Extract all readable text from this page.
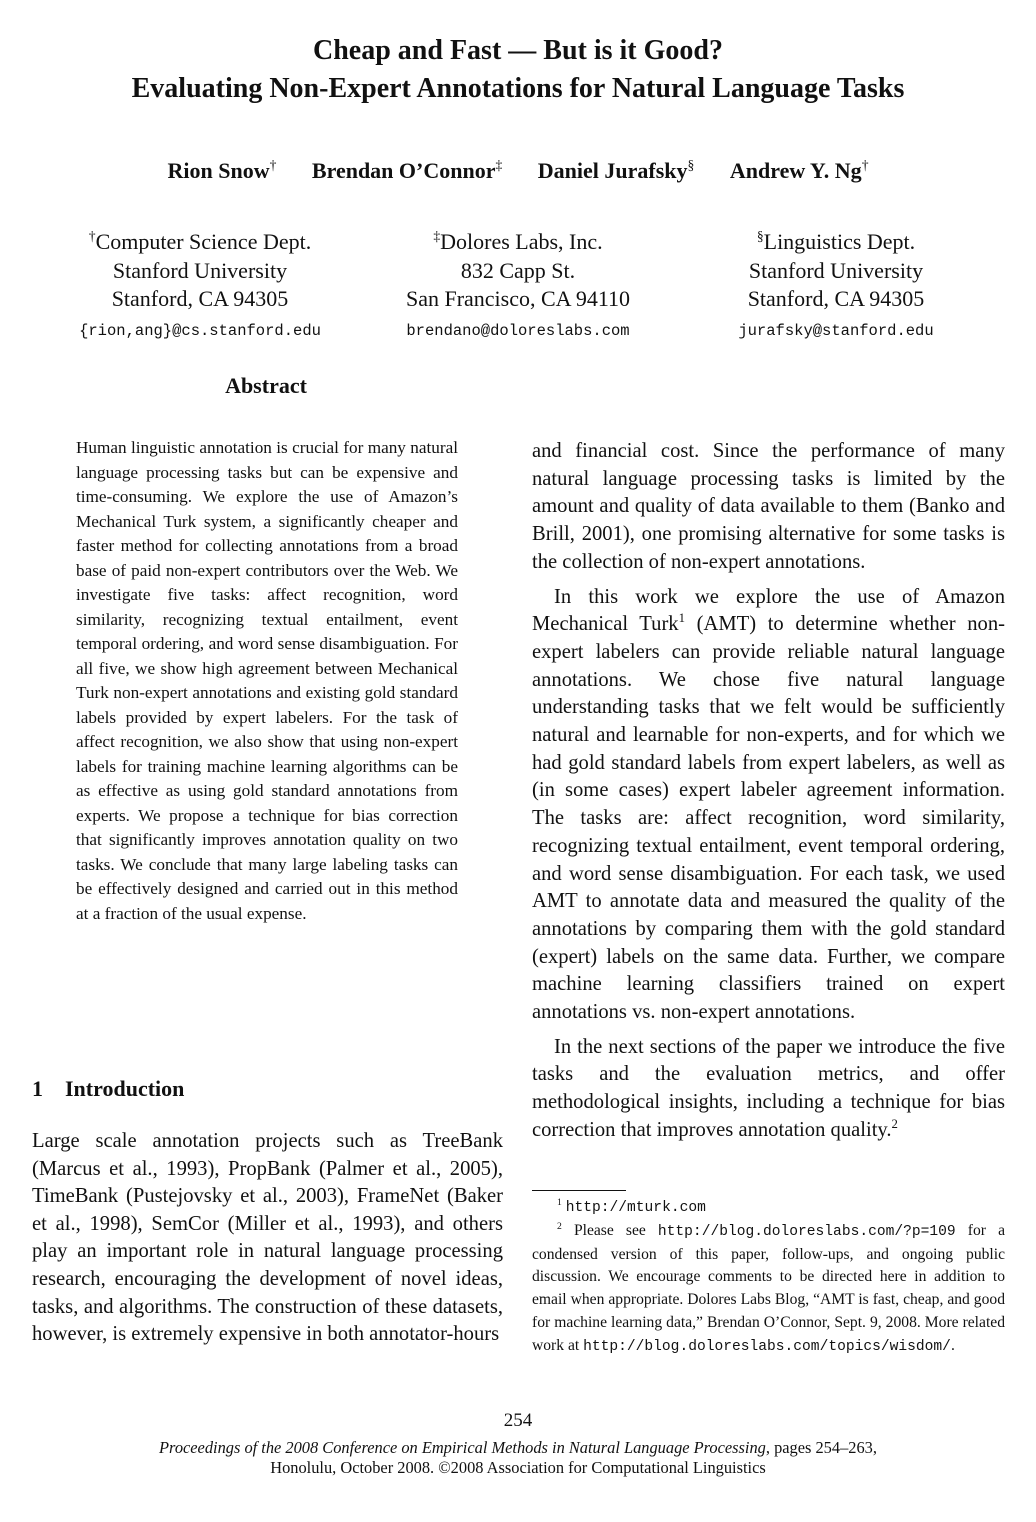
Cheap and Fast — But is it Good?
Evaluating Non-Expert Annotations for Natural Language Tasks
Rion Snow† Brendan O’Connor‡ Daniel Jurafsky§ Andrew Y. Ng†
†Computer Science Dept.
Stanford University
Stanford, CA 94305
{rion,ang}@cs.stanford.edu
‡Dolores Labs, Inc.
832 Capp St.
San Francisco, CA 94110
brendano@doloreslabs.com
§Linguistics Dept.
Stanford University
Stanford, CA 94305
jurafsky@stanford.edu
Abstract
Human linguistic annotation is crucial for many natural language processing tasks but can be expensive and time-consuming. We explore the use of Amazon’s Mechanical Turk system, a significantly cheaper and faster method for collecting annotations from a broad base of paid non-expert contributors over the Web. We investigate five tasks: affect recognition, word similarity, recognizing textual entailment, event temporal ordering, and word sense disambiguation. For all five, we show high agreement between Mechanical Turk non-expert annotations and existing gold standard labels provided by expert labelers. For the task of affect recognition, we also show that using non-expert labels for training machine learning algorithms can be as effective as using gold standard annotations from experts. We propose a technique for bias correction that significantly improves annotation quality on two tasks. We conclude that many large labeling tasks can be effectively designed and carried out in this method at a fraction of the usual expense.
1 Introduction
Large scale annotation projects such as TreeBank (Marcus et al., 1993), PropBank (Palmer et al., 2005), TimeBank (Pustejovsky et al., 2003), FrameNet (Baker et al., 1998), SemCor (Miller et al., 1993), and others play an important role in natural language processing research, encouraging the development of novel ideas, tasks, and algorithms. The construction of these datasets, however, is extremely expensive in both annotator-hours

and financial cost. Since the performance of many natural language processing tasks is limited by the amount and quality of data available to them (Banko and Brill, 2001), one promising alternative for some tasks is the collection of non-expert annotations.

In this work we explore the use of Amazon Mechanical Turk$^1$ (AMT) to determine whether non-expert labelers can provide reliable natural language annotations. We chose five natural language understanding tasks that we felt would be sufficiently natural and learnable for non-experts, and for which we had gold standard labels from expert labelers, as well as (in some cases) expert labeler agreement information. The tasks are: affect recognition, word similarity, recognizing textual entailment, event temporal ordering, and word sense disambiguation. For each task, we used AMT to annotate data and measured the quality of the annotations by comparing them with the gold standard (expert) labels on the same data. Further, we compare machine learning classifiers trained on expert annotations vs. non-expert annotations.

In the next sections of the paper we introduce the five tasks and the evaluation metrics, and offer methodological insights, including a technique for bias correction that improves annotation quality.$^2$

$^1$ http://mturk.com

$^2$ Please see http://blog.doloreslabs.com/?p=109 for a condensed version of this paper, follow-ups, and ongoing public discussion. We encourage comments to be directed here in addition to email when appropriate. Dolores Labs Blog, “AMT is fast, cheap, and good for machine learning data,” Brendan O’Connor, Sept. 9, 2008. More related work at http://blog.doloreslabs.com/topics/wisdom/.

254
Proceedings of the 2008 Conference on Empirical Methods in Natural Language Processing, pages 254–263,
Honolulu, October 2008. ©2008 Association for Computational Linguistics
